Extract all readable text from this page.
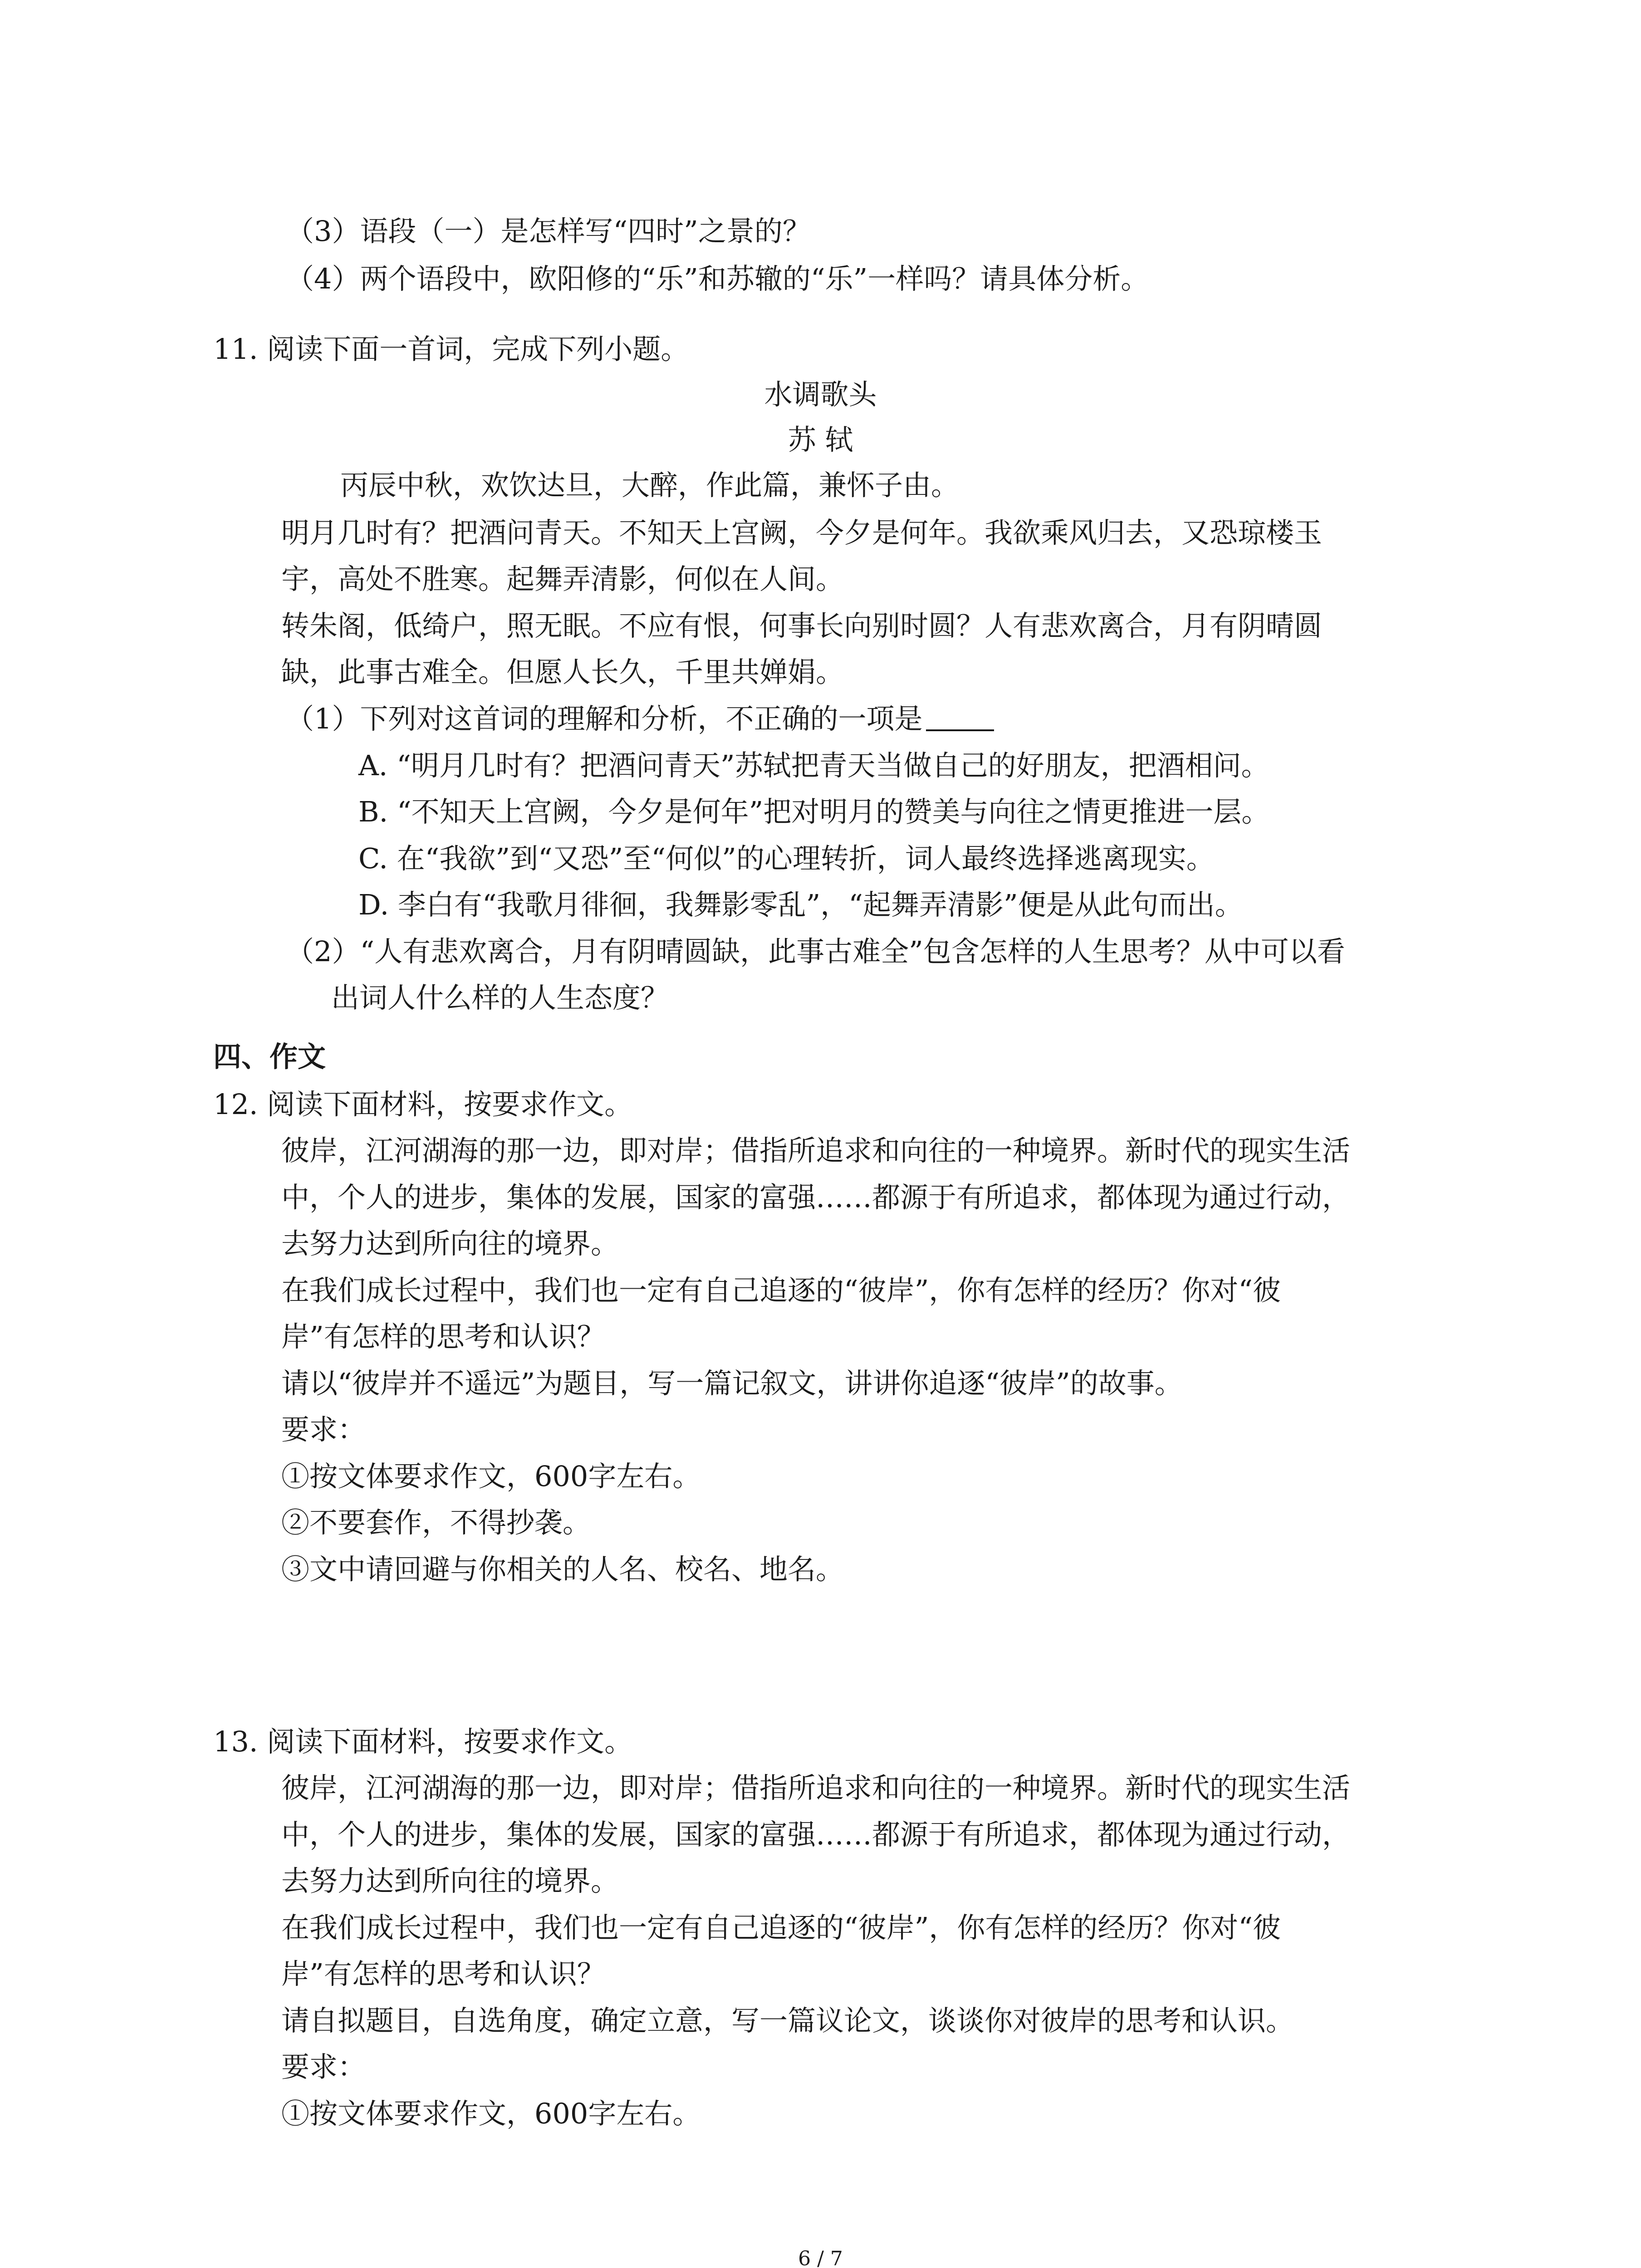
（3）语段（一）是怎样写“四时”之景的？
（4）两个语段中，欧阳修的“乐”和苏辙的“乐”一样吗？请具体分析。
11. 阅读下面一首词，完成下列小题。
水调歌头
苏 轼
丙辰中秋，欢饮达旦，大醉，作此篇，兼怀子由。
明月几时有？把酒问青天。不知天上宫阙，今夕是何年。我欲乘风归去，又恐琼楼玉
宇，高处不胜寒。起舞弄清影，何似在人间。
转朱阁，低绮户，照无眠。不应有恨，何事长向别时圆？人有悲欢离合，月有阴晴圆
缺，此事古难全。但愿人长久，千里共婵娟。
（1）下列对这首词的理解和分析，不正确的一项是
A. “明月几时有？把酒问青天”苏轼把青天当做自己的好朋友，把酒相问。
B. “不知天上宫阙，今夕是何年”把对明月的赞美与向往之情更推进一层。
C. 在“我欲”到“又恐”至“何似”的心理转折，词人最终选择逃离现实。
D. 李白有“我歌月徘徊，我舞影零乱”，“起舞弄清影”便是从此句而出。
（2）“人有悲欢离合，月有阴晴圆缺，此事古难全”包含怎样的人生思考？从中可以看
出词人什么样的人生态度？
四、作文
12. 阅读下面材料，按要求作文。
彼岸，江河湖海的那一边，即对岸；借指所追求和向往的一种境界。新时代的现实生活
中，个人的进步，集体的发展，国家的富强……都源于有所追求，都体现为通过行动，
去努力达到所向往的境界。
在我们成长过程中，我们也一定有自己追逐的“彼岸”，你有怎样的经历？你对“彼
岸”有怎样的思考和认识？
请以“彼岸并不遥远”为题目，写一篇记叙文，讲讲你追逐“彼岸”的故事。
要求：
①按文体要求作文，600字左右。
②不要套作，不得抄袭。
③文中请回避与你相关的人名、校名、地名。
13. 阅读下面材料，按要求作文。
彼岸，江河湖海的那一边，即对岸；借指所追求和向往的一种境界。新时代的现实生活
中，个人的进步，集体的发展，国家的富强……都源于有所追求，都体现为通过行动，
去努力达到所向往的境界。
在我们成长过程中，我们也一定有自己追逐的“彼岸”，你有怎样的经历？你对“彼
岸”有怎样的思考和认识？
请自拟题目，自选角度，确定立意，写一篇议论文，谈谈你对彼岸的思考和认识。
要求：
①按文体要求作文，600字左右。
6 / 7
